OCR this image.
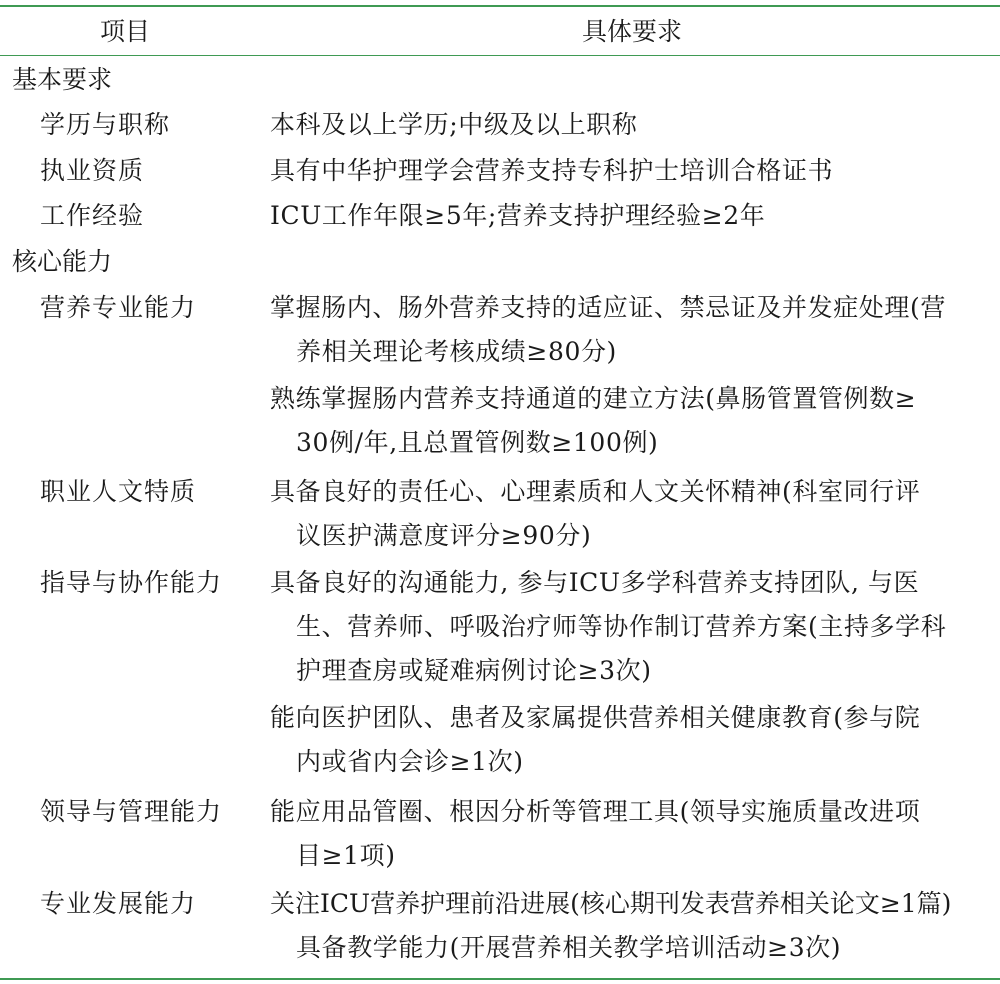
项目	具体要求
基本要求
学历与职称	本科及以上学历;中级及以上职称
执业资质	具有中华护理学会营养支持专科护士培训合格证书
工作经验	ICU工作年限≥5年;营养支持护理经验≥2年
核心能力
营养专业能力	掌握肠内、肠外营养支持的适应证、禁忌证及并发症处理(营
养相关理论考核成绩≥80分)
熟练掌握肠内营养支持通道的建立方法(鼻肠管置管例数≥
30例/年,且总置管例数≥100例)
职业人文特质	具备良好的责任心、心理素质和人文关怀精神(科室同行评
议医护满意度评分≥90分)
指导与协作能力 具备良好的沟通能力, 参与ICU多学科营养支持团队, 与医
生、营养师、呼吸治疗师等协作制订营养方案(主持多学科
护理查房或疑难病例讨论≥3次)
能向医护团队、患者及家属提供营养相关健康教育(参与院
内或省内会诊≥1次)
领导与管理能力 能应用品管圈、根因分析等管理工具(领导实施质量改进项
目≥1项)
专业发展能力	关注ICU营养护理前沿进展(核心期刊发表营养相关论文≥1篇)
具备教学能力(开展营养相关教学培训活动≥3次)
